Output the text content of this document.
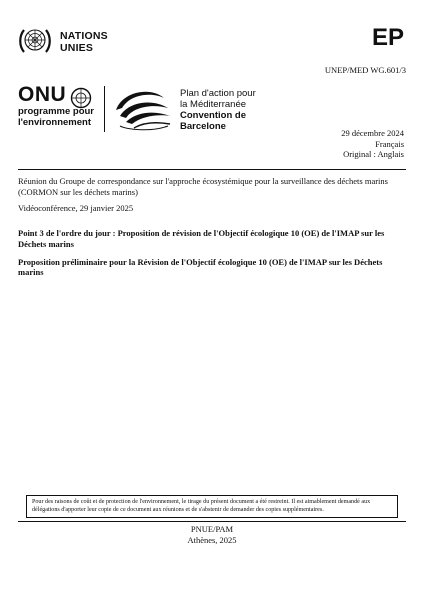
NATIONS
UNIES	EP
UNEP/MED WG.601/3
ONU
programme pour
l'environnement
Plan d'action pour
la Méditerranée
Convention de
Barcelone
29 décembre 2024
Français
Original : Anglais
Réunion du Groupe de correspondance sur l'approche écosystémique pour la surveillance des déchets marins (CORMON sur les déchets marins)
Vidéoconférence, 29 janvier 2025
Point 3 de l'ordre du jour : Proposition de révision de l'Objectif écologique 10 (OE) de l'IMAP sur les Déchets marins
Proposition préliminaire pour la Révision de l'Objectif écologique 10 (OE) de l'IMAP sur les Déchets marins
Pour des raisons de coût et de protection de l'environnement, le tirage du présent document a été restreint. Il est aimablement demandé aux délégations d'apporter leur copie de ce document aux réunions et de s'abstenir de demander des copies supplémentaires.
PNUE/PAM
Athènes, 2025
